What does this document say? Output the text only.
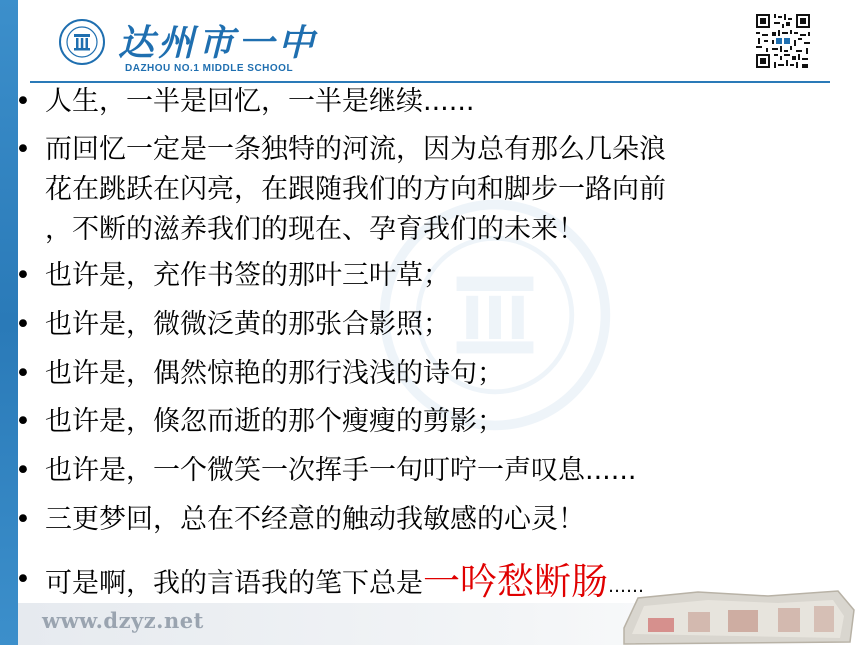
达州市一中
DAZHOU NO.1 MIDDLE SCHOOL
• 人生，一半是回忆，一半是继续......
• 而回忆一定是一条独特的河流，因为总有那么几朵浪
花在跳跃在闪亮，在跟随我们的方向和脚步一路向前
，不断的滋养我们的现在、孕育我们的未来！
• 也许是，充作书签的那叶三叶草；
• 也许是，微微泛黄的那张合影照；
• 也许是，偶然惊艳的那行浅浅的诗句；
• 也许是，倏忽而逝的那个瘦瘦的剪影；
• 也许是，一个微笑一次挥手一句叮咛一声叹息......
• 三更梦回，总在不经意的触动我敏感的心灵！
• 可是啊，我的言语我的笔下总是一吟愁断肠……
www.dzyz.net
